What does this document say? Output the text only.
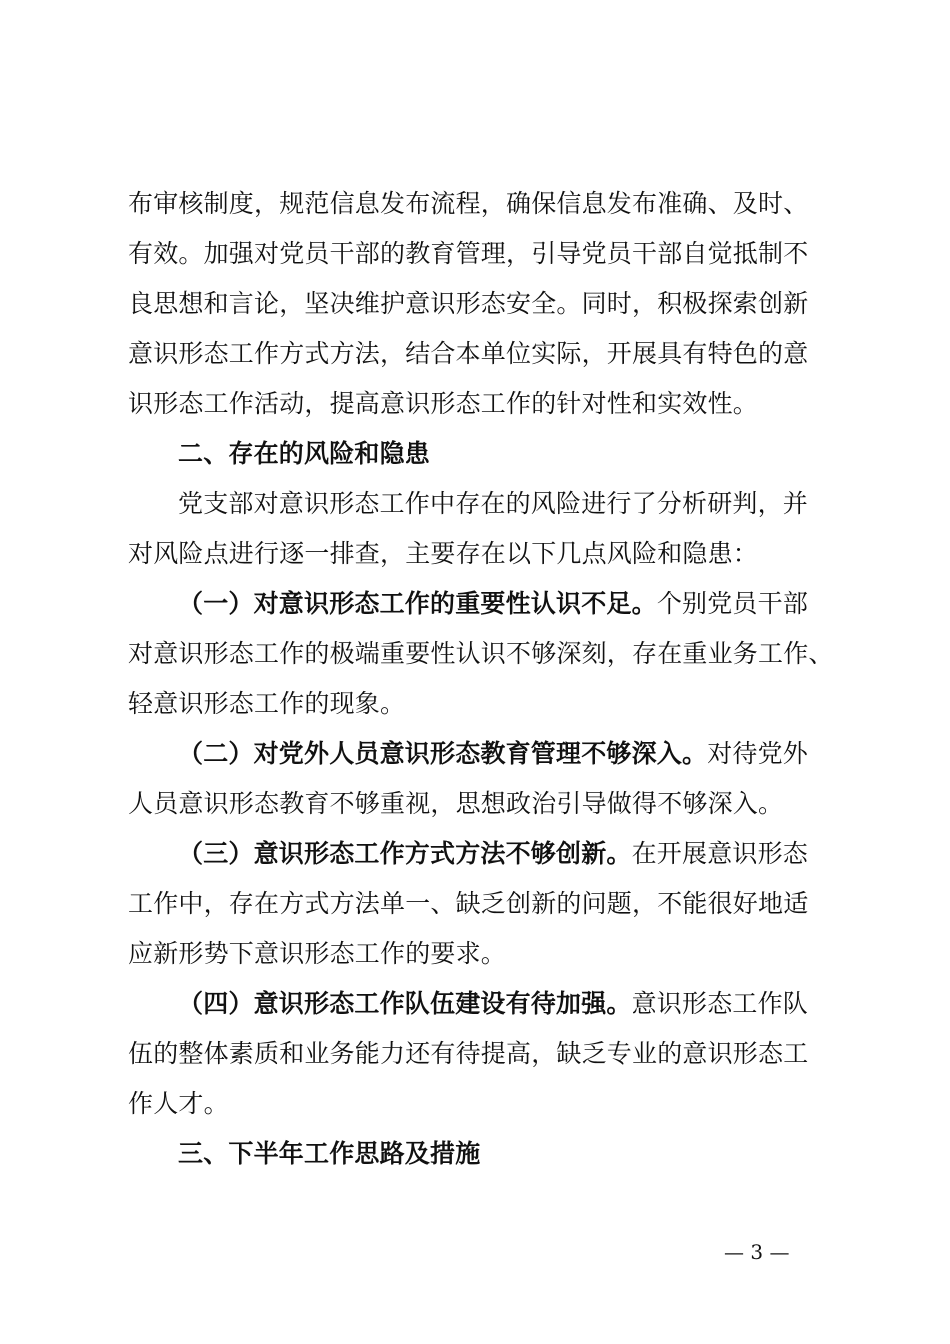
布审核制度，规范信息发布流程，确保信息发布准确、及时、
有效。加强对党员干部的教育管理，引导党员干部自觉抵制不
良思想和言论，坚决维护意识形态安全。同时，积极探索创新
意识形态工作方式方法，结合本单位实际，开展具有特色的意
识形态工作活动，提高意识形态工作的针对性和实效性。
二、存在的风险和隐患
党支部对意识形态工作中存在的风险进行了分析研判，并
对风险点进行逐一排查，主要存在以下几点风险和隐患：
（一）对意识形态工作的重要性认识不足。个别党员干部
对意识形态工作的极端重要性认识不够深刻，存在重业务工作、
轻意识形态工作的现象。
（二）对党外人员意识形态教育管理不够深入。对待党外
人员意识形态教育不够重视，思想政治引导做得不够深入。
（三）意识形态工作方式方法不够创新。在开展意识形态
工作中，存在方式方法单一、缺乏创新的问题，不能很好地适
应新形势下意识形态工作的要求。
（四）意识形态工作队伍建设有待加强。意识形态工作队
伍的整体素质和业务能力还有待提高，缺乏专业的意识形态工
作人才。
三、下半年工作思路及措施
— 3 —
